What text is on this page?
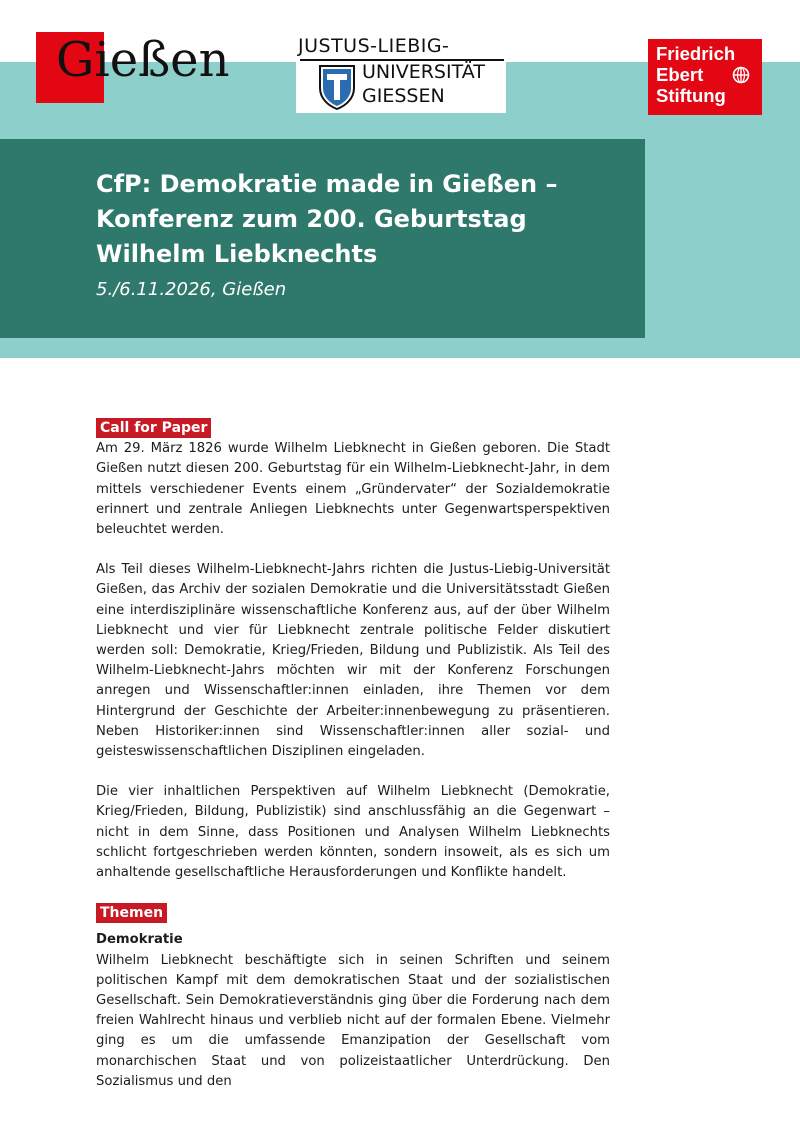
Gießen	JUSTUS-LIEBIG-
UNIVERSITÄT
GIESSEN
Friedrich
Ebert
Stiftung
CfP: Demokratie made in Gießen – Konferenz zum 200. Geburtstag Wilhelm Liebknechts
5./6.11.2026, Gießen
Call for Paper

Am 29. März 1826 wurde Wilhelm Liebknecht in Gießen geboren. Die Stadt Gießen nutzt diesen 200. Geburtstag für ein Wilhelm-Liebknecht-Jahr, in dem mittels verschiedener Events einem „Gründervater“ der Sozialdemokratie erinnert und zentrale Anliegen Liebknechts unter Gegenwartsperspektiven beleuchtet werden.

Als Teil dieses Wilhelm-Liebknecht-Jahrs richten die Justus-Liebig-Universität Gießen, das Archiv der sozialen Demokratie und die Universitätsstadt Gießen eine interdisziplinäre wissenschaftliche Konferenz aus, auf der über Wilhelm Liebknecht und vier für Liebknecht zentrale politische Felder diskutiert werden soll: Demokratie, Krieg/Frieden, Bildung und Publizistik. Als Teil des Wilhelm-Liebknecht-Jahrs möchten wir mit der Konferenz Forschungen anregen und Wissenschaftler:innen einladen, ihre Themen vor dem Hintergrund der Geschichte der Arbeiter:innenbewegung zu präsentieren. Neben Historiker:innen sind Wissenschaftler:innen aller sozial- und geisteswissenschaftlichen Disziplinen eingeladen.

Die vier inhaltlichen Perspektiven auf Wilhelm Liebknecht (Demokratie, Krieg/Frieden, Bildung, Publizistik) sind anschlussfähig an die Gegenwart – nicht in dem Sinne, dass Positionen und Analysen Wilhelm Liebknechts schlicht fortgeschrieben werden könnten, sondern insoweit, als es sich um anhaltende gesellschaftliche Herausforderungen und Konflikte handelt.

Themen

Demokratie

Wilhelm Liebknecht beschäftigte sich in seinen Schriften und seinem politischen Kampf mit dem demokratischen Staat und der sozialistischen Gesellschaft. Sein Demokratieverständnis ging über die Forderung nach dem freien Wahlrecht hinaus und verblieb nicht auf der formalen Ebene. Vielmehr ging es um die umfassende Emanzipation der Gesellschaft vom monarchischen Staat und von polizeistaatlicher Unterdrückung. Den Sozialismus und den
